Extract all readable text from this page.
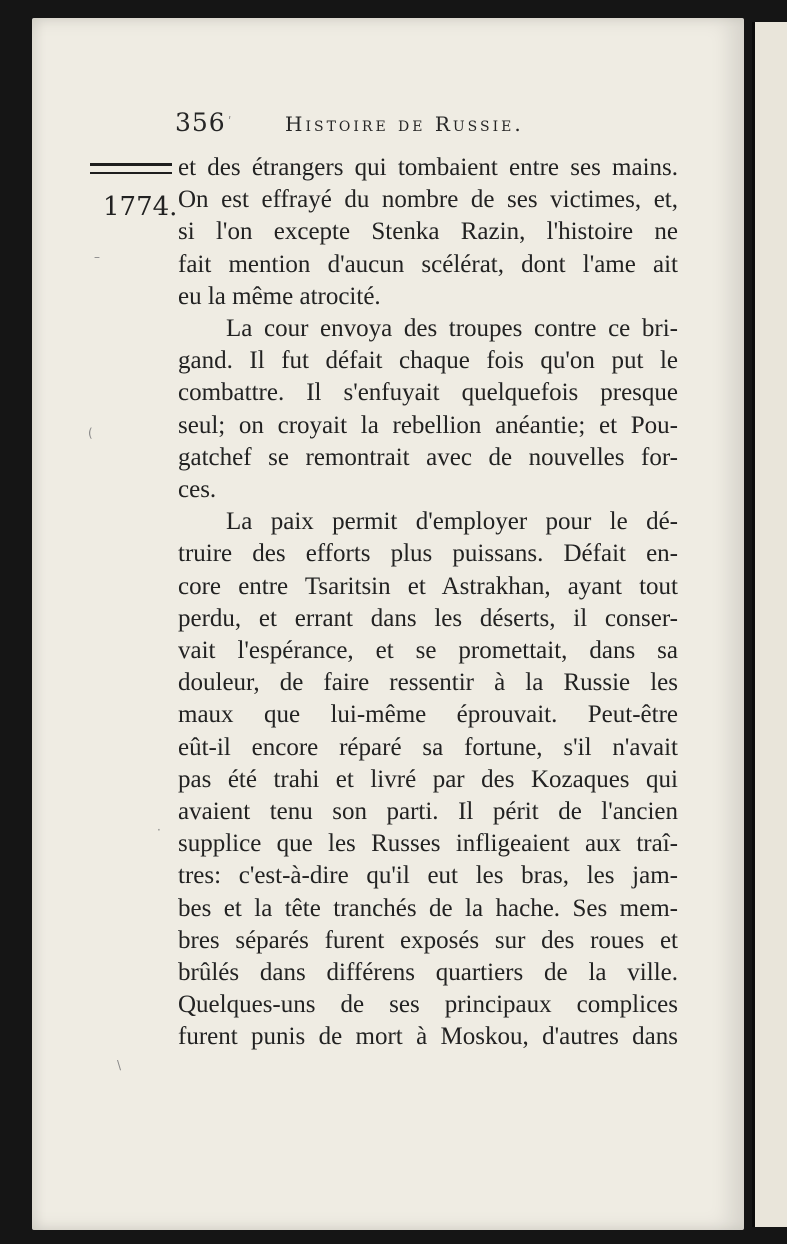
356	Histoire de Russie.
1774.
ʹ
–
(
·
\
et des étrangers qui tombaient entre ses mains.
On est effrayé du nombre de ses victimes, et,
si l'on excepte Stenka Razin, l'histoire ne
fait mention d'aucun scélérat, dont l'ame ait
eu la même atrocité.
La cour envoya des troupes contre ce bri-
gand. Il fut défait chaque fois qu'on put le
combattre. Il s'enfuyait quelquefois presque
seul; on croyait la rebellion anéantie; et Pou-
gatchef se remontrait avec de nouvelles for-
ces.
La paix permit d'employer pour le dé-
truire des efforts plus puissans. Défait en-
core entre Tsaritsin et Astrakhan, ayant tout
perdu, et errant dans les déserts, il conser-
vait l'espérance, et se promettait, dans sa
douleur, de faire ressentir à la Russie les
maux que lui-même éprouvait. Peut-être
eût-il encore réparé sa fortune, s'il n'avait
pas été trahi et livré par des Kozaques qui
avaient tenu son parti. Il périt de l'ancien
supplice que les Russes infligeaient aux traî-
tres: c'est-à-dire qu'il eut les bras, les jam-
bes et la tête tranchés de la hache. Ses mem-
bres séparés furent exposés sur des roues et
brûlés dans différens quartiers de la ville.
Quelques-uns de ses principaux complices
furent punis de mort à Moskou, d'autres dans
